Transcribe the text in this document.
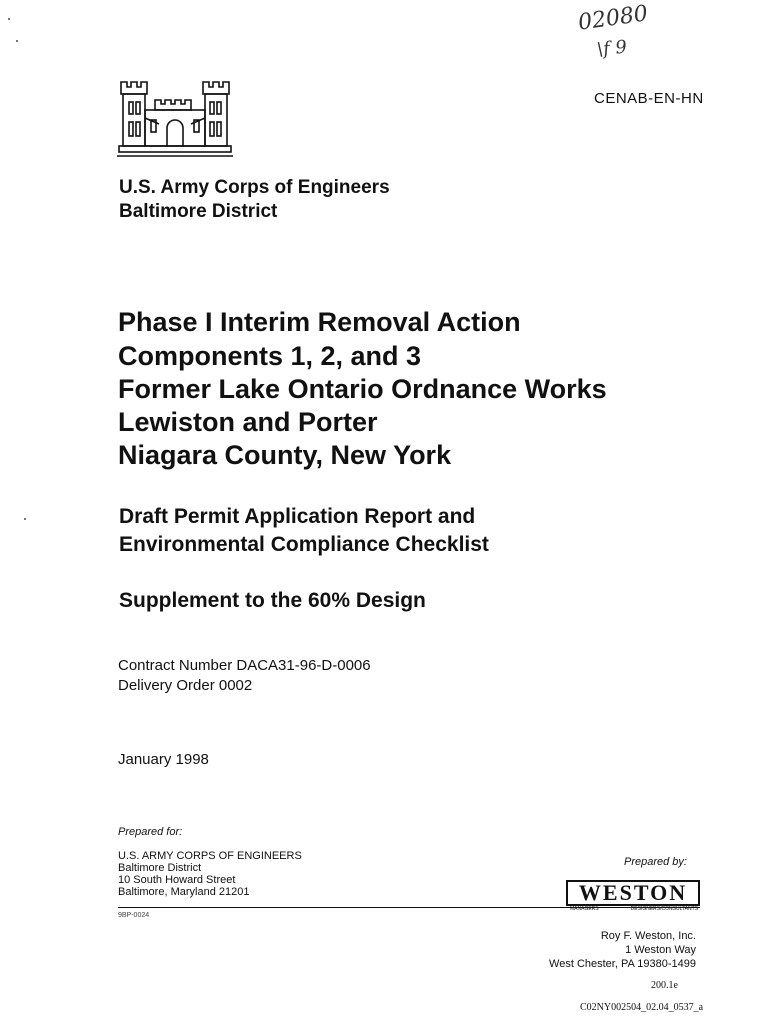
02080
\f 9
CENAB-EN-HN
U.S. Army Corps of Engineers
Baltimore District
Phase I Interim Removal Action
Components 1, 2, and 3
Former Lake Ontario Ordnance Works
Lewiston and Porter
Niagara County, New York
Draft Permit Application Report and
Environmental Compliance Checklist
Supplement to the 60% Design
Contract Number DACA31-96-D-0006
Delivery Order 0002
January 1998
Prepared for:
U.S. ARMY CORPS OF ENGINEERS
Baltimore District
10 South Howard Street
Baltimore, Maryland 21201
9BP-0024
Prepared by:
WESTON
MANAGERS	DESIGNERS/CONSULTANTS
Roy F. Weston, Inc.
1 Weston Way
West Chester, PA 19380-1499
200.1e
C02NY002504_02.04_0537_a
